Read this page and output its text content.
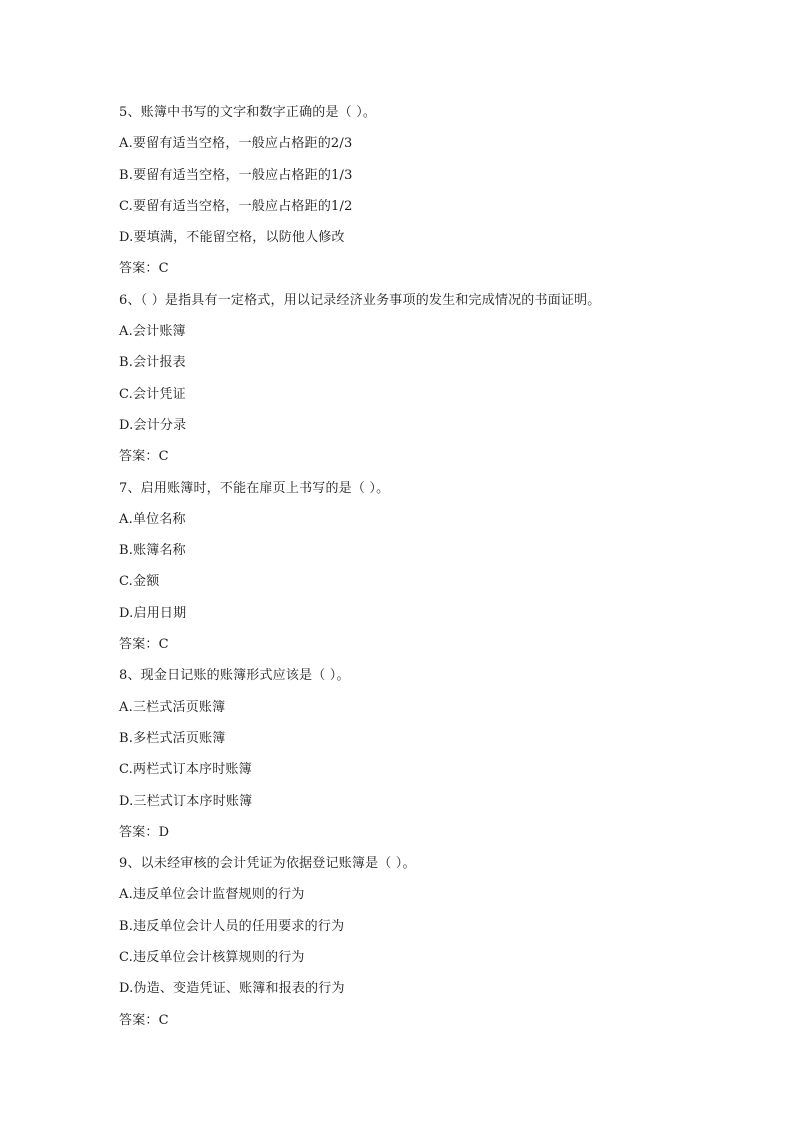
5、账簿中书写的文字和数字正确的是（ ）。
A.要留有适当空格，一般应占格距的2/3
B.要留有适当空格，一般应占格距的1/3
C.要留有适当空格，一般应占格距的1/2
D.要填满，不能留空格，以防他人修改
答案：C
6、（ ）是指具有一定格式，用以记录经济业务事项的发生和完成情况的书面证明。
A.会计账簿
B.会计报表
C.会计凭证
D.会计分录
答案：C
7、启用账簿时，不能在扉页上书写的是（ ）。
A.单位名称
B.账簿名称
C.金额
D.启用日期
答案：C
8、现金日记账的账簿形式应该是（ ）。
A.三栏式活页账簿
B.多栏式活页账簿
C.两栏式订本序时账簿
D.三栏式订本序时账簿
答案：D
9、以未经审核的会计凭证为依据登记账簿是（ ）。
A.违反单位会计监督规则的行为
B.违反单位会计人员的任用要求的行为
C.违反单位会计核算规则的行为
D.伪造、变造凭证、账簿和报表的行为
答案：C
